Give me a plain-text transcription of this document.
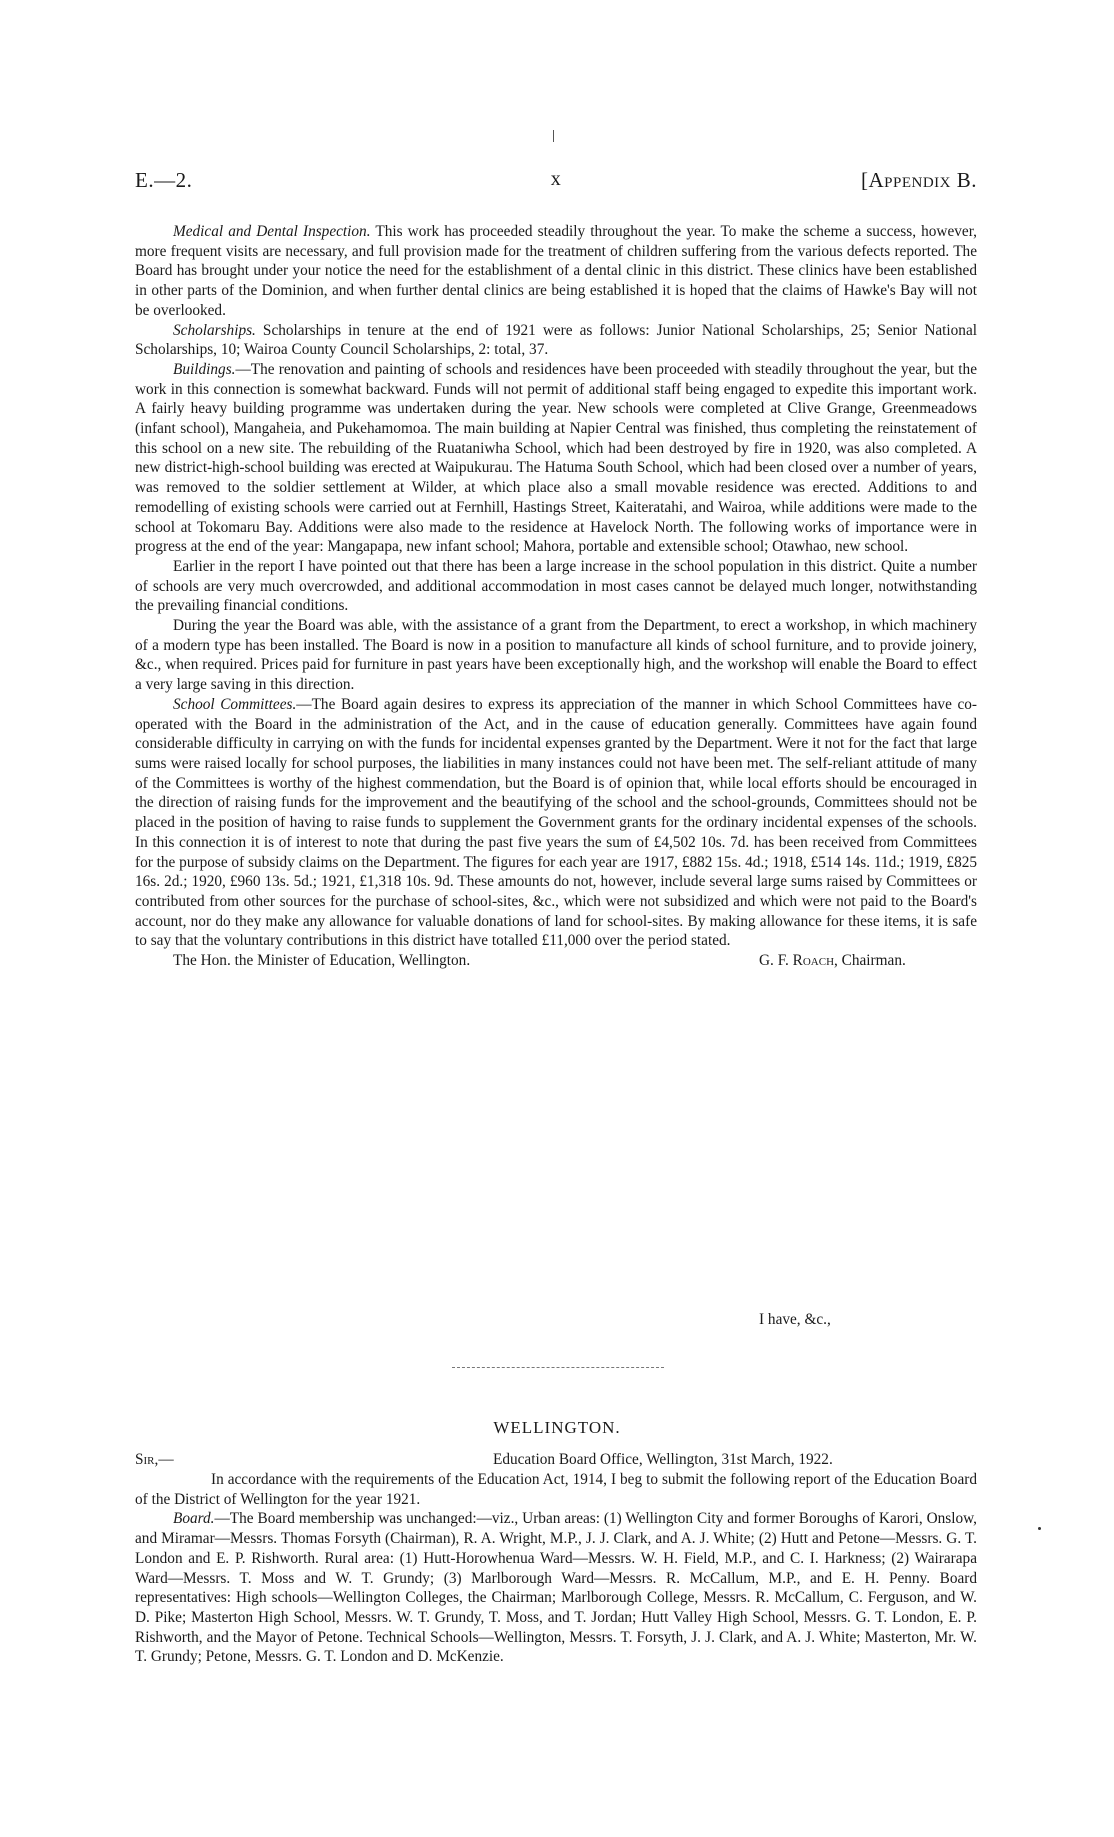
E.—2.	x	[Appendix B.

Medical and Dental Inspection. This work has proceeded steadily throughout the year. To make the scheme a success, however, more frequent visits are necessary, and full provision made for the treatment of children suffering from the various defects reported. The Board has brought under your notice the need for the establishment of a dental clinic in this district. These clinics have been established in other parts of the Dominion, and when further dental clinics are being established it is hoped that the claims of Hawke's Bay will not be overlooked.

Scholarships. Scholarships in tenure at the end of 1921 were as follows: Junior National Scholarships, 25; Senior National Scholarships, 10; Wairoa County Council Scholarships, 2: total, 37.

Buildings.—The renovation and painting of schools and residences have been proceeded with steadily throughout the year, but the work in this connection is somewhat backward. Funds will not permit of additional staff being engaged to expedite this important work. A fairly heavy building programme was undertaken during the year. New schools were completed at Clive Grange, Greenmeadows (infant school), Mangaheia, and Pukehamomoa. The main building at Napier Central was finished, thus completing the reinstatement of this school on a new site. The rebuilding of the Ruataniwha School, which had been destroyed by fire in 1920, was also completed. A new district-high-school building was erected at Waipukurau. The Hatuma South School, which had been closed over a number of years, was removed to the soldier settlement at Wilder, at which place also a small movable residence was erected. Additions to and remodelling of existing schools were carried out at Fernhill, Hastings Street, Kaiteratahi, and Wairoa, while additions were made to the school at Tokomaru Bay. Additions were also made to the residence at Havelock North. The following works of importance were in progress at the end of the year: Mangapapa, new infant school; Mahora, portable and extensible school; Otawhao, new school.

Earlier in the report I have pointed out that there has been a large increase in the school population in this district. Quite a number of schools are very much overcrowded, and additional accommodation in most cases cannot be delayed much longer, notwithstanding the prevailing financial conditions.

During the year the Board was able, with the assistance of a grant from the Department, to erect a workshop, in which machinery of a modern type has been installed. The Board is now in a position to manufacture all kinds of school furniture, and to provide joinery, &c., when required. Prices paid for furniture in past years have been exceptionally high, and the workshop will enable the Board to effect a very large saving in this direction.

School Committees.—The Board again desires to express its appreciation of the manner in which School Committees have co-operated with the Board in the administration of the Act, and in the cause of education generally. Committees have again found considerable difficulty in carrying on with the funds for incidental expenses granted by the Department. Were it not for the fact that large sums were raised locally for school purposes, the liabilities in many instances could not have been met. The self-reliant attitude of many of the Committees is worthy of the highest commendation, but the Board is of opinion that, while local efforts should be encouraged in the direction of raising funds for the improvement and the beautifying of the school and the school-grounds, Committees should not be placed in the position of having to raise funds to supplement the Government grants for the ordinary incidental expenses of the schools. In this connection it is of interest to note that during the past five years the sum of £4,502 10s. 7d. has been received from Committees for the purpose of subsidy claims on the Department. The figures for each year are 1917, £882 15s. 4d.; 1918, £514 14s. 11d.; 1919, £825 16s. 2d.; 1920, £960 13s. 5d.; 1921, £1,318 10s. 9d. These amounts do not, however, include several large sums raised by Committees or contributed from other sources for the purchase of school-sites, &c., which were not subsidized and which were not paid to the Board's account, nor do they make any allowance for valuable donations of land for school-sites. By making allowance for these items, it is safe to say that the voluntary contributions in this district have totalled £11,000 over the period stated.

The Hon. the Minister of Education, Wellington.	G. F. Roach, Chairman.
I have, &c.,
WELLINGTON.
Sir,—	Education Board Office, Wellington, 31st March, 1922.

In accordance with the requirements of the Education Act, 1914, I beg to submit the following report of the Education Board of the District of Wellington for the year 1921.

Board.—The Board membership was unchanged:—viz., Urban areas: (1) Wellington City and former Boroughs of Karori, Onslow, and Miramar—Messrs. Thomas Forsyth (Chairman), R. A. Wright, M.P., J. J. Clark, and A. J. White; (2) Hutt and Petone—Messrs. G. T. London and E. P. Rishworth. Rural area: (1) Hutt-Horowhenua Ward—Messrs. W. H. Field, M.P., and C. I. Harkness; (2) Wairarapa Ward—Messrs. T. Moss and W. T. Grundy; (3) Marlborough Ward—Messrs. R. McCallum, M.P., and E. H. Penny. Board representatives: High schools—Wellington Colleges, the Chairman; Marlborough College, Messrs. R. McCallum, C. Ferguson, and W. D. Pike; Masterton High School, Messrs. W. T. Grundy, T. Moss, and T. Jordan; Hutt Valley High School, Messrs. G. T. London, E. P. Rishworth, and the Mayor of Petone. Technical Schools—Wellington, Messrs. T. Forsyth, J. J. Clark, and A. J. White; Masterton, Mr. W. T. Grundy; Petone, Messrs. G. T. London and D. McKenzie.
